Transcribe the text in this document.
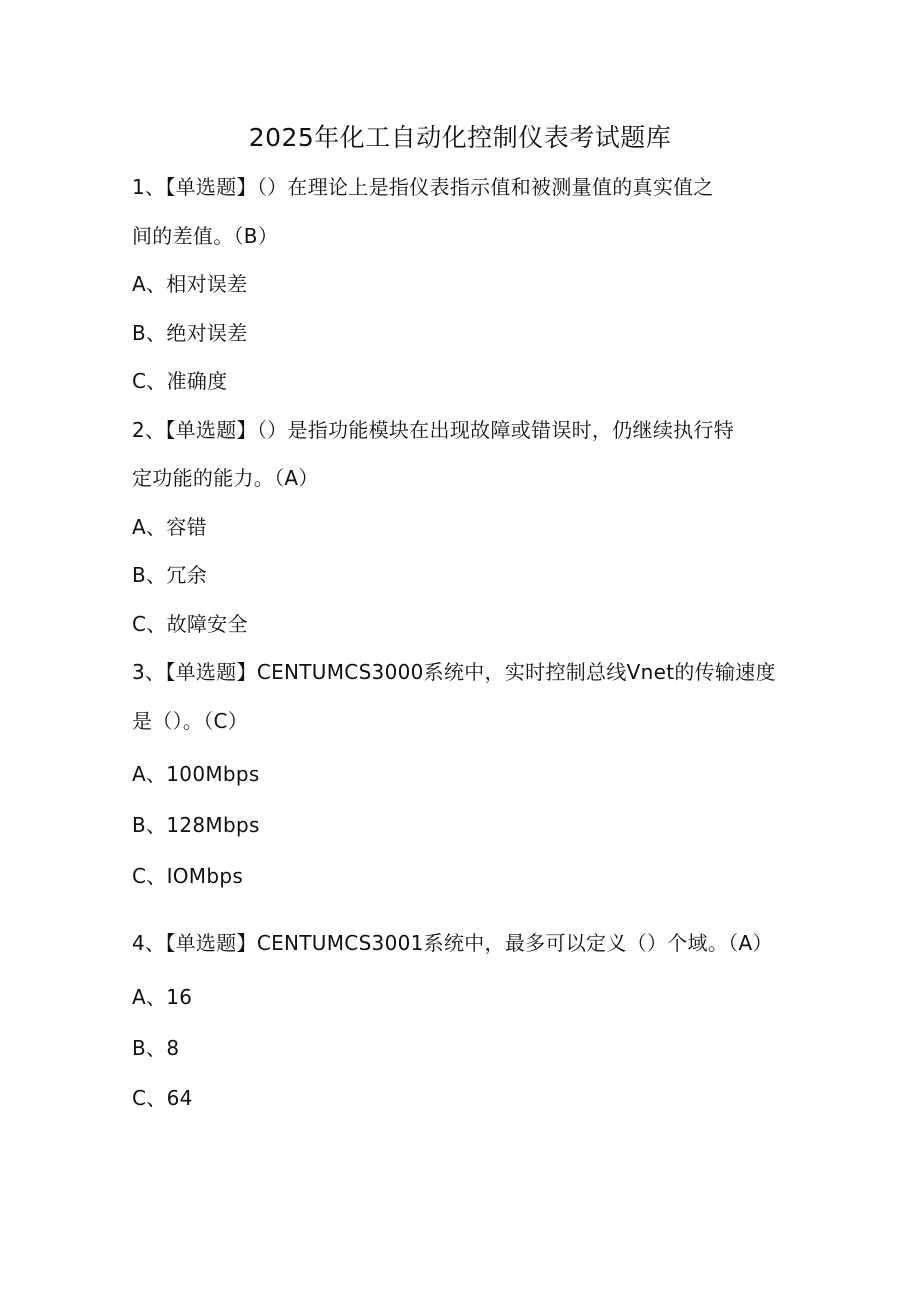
2025年化工自动化控制仪表考试题库
1、【单选题】（）在理论上是指仪表指示值和被测量值的真实值之
间的差值。（B）
A、相对误差
B、绝对误差
C、准确度
2、【单选题】（）是指功能模块在出现故障或错误时，仍继续执行特
定功能的能力。（A）
A、容错
B、冗余
C、故障安全
3、【单选题】CENTUMCS3000系统中，实时控制总线Vnet的传输速度
是（）。（C）
A、100Mbps
B、128Mbps
C、IOMbps
4、【单选题】CENTUMCS3001系统中，最多可以定义（）个域。（A）
A、16
B、8
C、64
